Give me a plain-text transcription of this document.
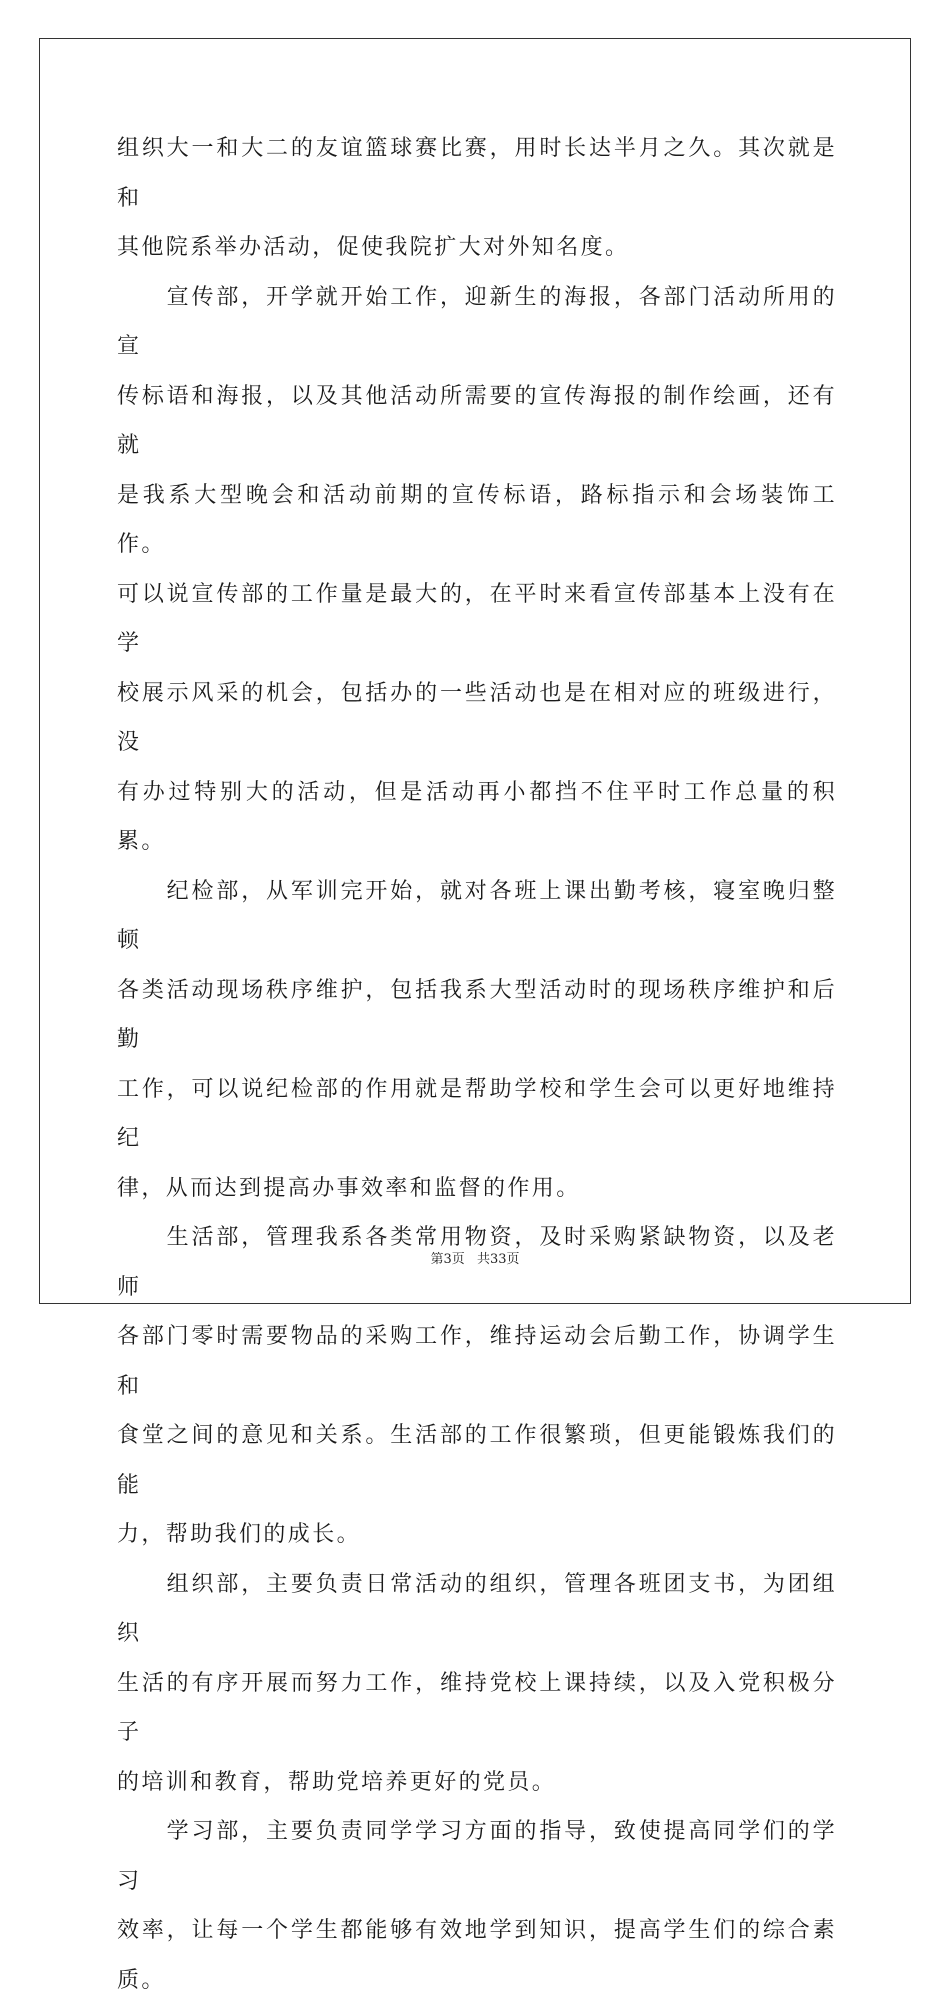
组织大一和大二的友谊篮球赛比赛，用时长达半月之久。其次就是和
其他院系举办活动，促使我院扩大对外知名度。

　　宣传部，开学就开始工作，迎新生的海报，各部门活动所用的宣
传标语和海报，以及其他活动所需要的宣传海报的制作绘画，还有就
是我系大型晚会和活动前期的宣传标语，路标指示和会场装饰工作。
可以说宣传部的工作量是最大的，在平时来看宣传部基本上没有在学
校展示风采的机会，包括办的一些活动也是在相对应的班级进行，没
有办过特别大的活动，但是活动再小都挡不住平时工作总量的积累。

　　纪检部，从军训完开始，就对各班上课出勤考核，寝室晚归整顿
各类活动现场秩序维护，包括我系大型活动时的现场秩序维护和后勤
工作，可以说纪检部的作用就是帮助学校和学生会可以更好地维持纪
律，从而达到提高办事效率和监督的作用。

　　生活部，管理我系各类常用物资，及时采购紧缺物资，以及老师
各部门零时需要物品的采购工作，维持运动会后勤工作，协调学生和
食堂之间的意见和关系。生活部的工作很繁琐，但更能锻炼我们的能
力，帮助我们的成长。

　　组织部，主要负责日常活动的组织，管理各班团支书，为团组织
生活的有序开展而努力工作，维持党校上课持续，以及入党积极分子
的培训和教育，帮助党培养更好的党员。

　　学习部，主要负责同学学习方面的指导，致使提高同学们的学习
效率，让每一个学生都能够有效地学到知识，提高学生们的综合素质。

第3页 共33页
